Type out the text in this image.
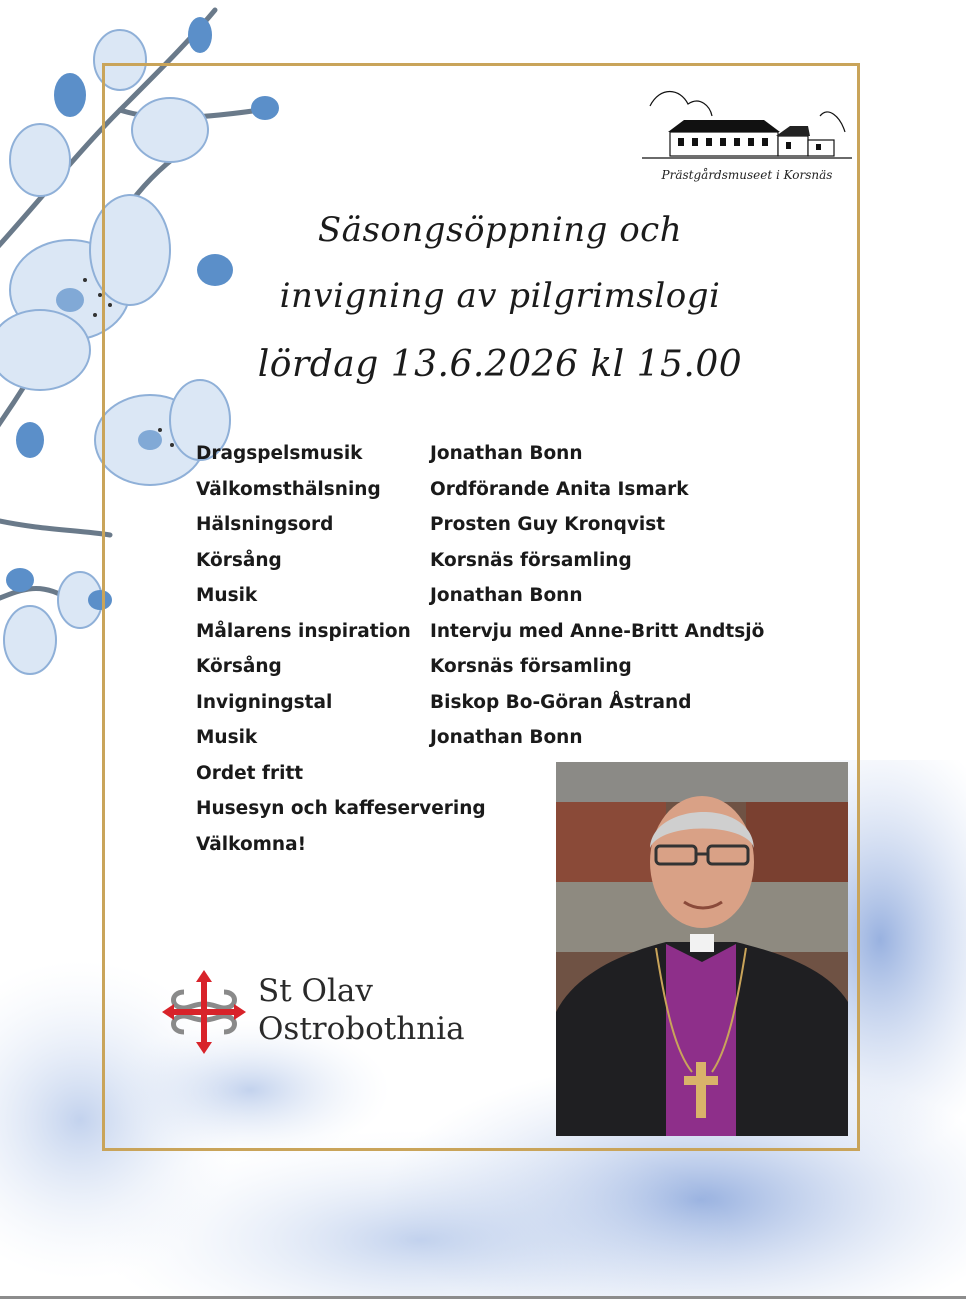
Prästgårdsmuseet i Korsnäs
Säsongsöppning och
invigning av pilgrimslogi
lördag 13.6.2026 kl 15.00
Dragspelsmusik	Jonathan Bonn
Välkomsthälsning	Ordförande Anita Ismark
Hälsningsord	Prosten Guy Kronqvist
Körsång	Korsnäs församling
Musik	Jonathan Bonn
Målarens inspiration	Intervju med Anne-Britt Andtsjö
Körsång	Korsnäs församling
Invigningstal	Biskop Bo-Göran Åstrand
Musik	Jonathan Bonn
Ordet fritt
Husesyn och kaffeservering
Välkomna!
St Olav
Ostrobothnia
